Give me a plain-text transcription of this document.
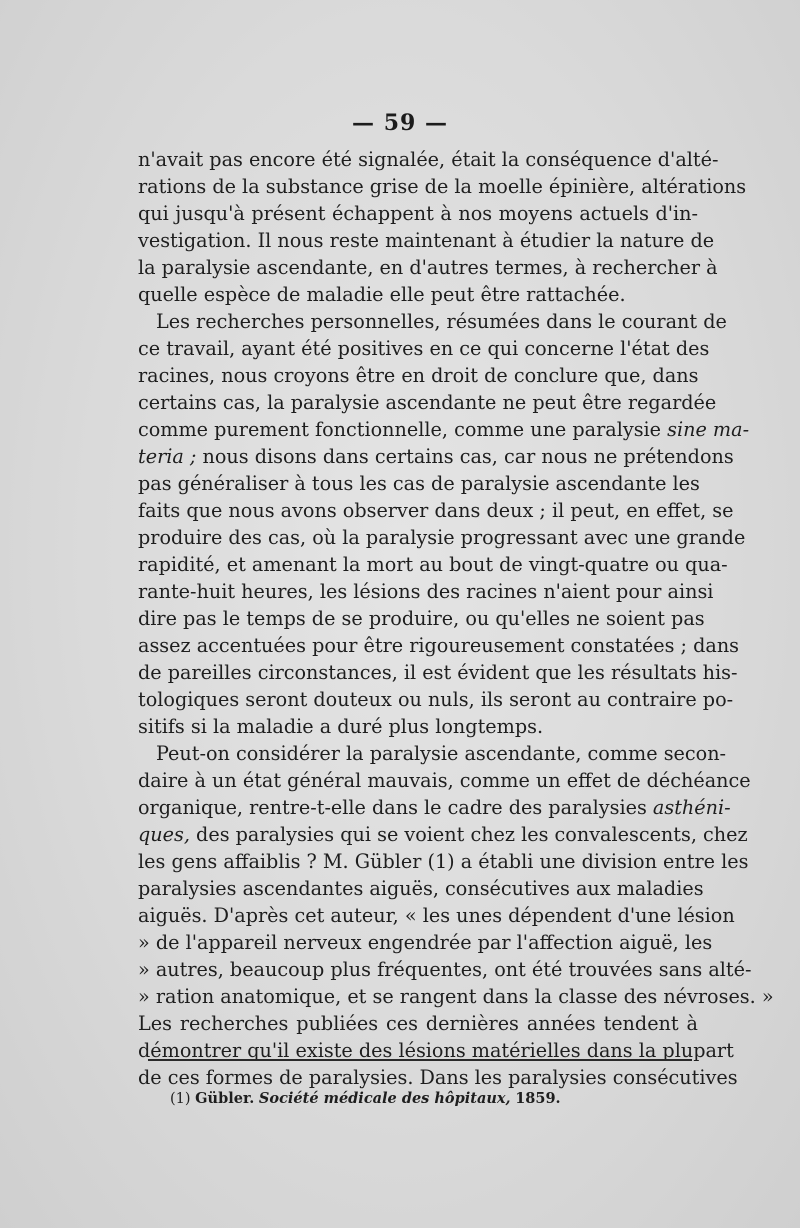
— 59 —
n'avait pas encore été signalée, était la conséquence d'alté-
rations de la substance grise de la moelle épinière, altérations
qui jusqu'à présent échappent à nos moyens actuels d'in-
vestigation. Il nous reste maintenant à étudier la nature de
la paralysie ascendante, en d'autres termes, à rechercher à
quelle espèce de maladie elle peut être rattachée.
Les recherches personnelles, résumées dans le courant de
ce travail, ayant été positives en ce qui concerne l'état des
racines, nous croyons être en droit de conclure que, dans
certains cas, la paralysie ascendante ne peut être regardée
comme purement fonctionnelle, comme une paralysie sine ma-
teria ; nous disons dans certains cas, car nous ne prétendons
pas généraliser à tous les cas de paralysie ascendante les
faits que nous avons observer dans deux ; il peut, en effet, se
produire des cas, où la paralysie progressant avec une grande
rapidité, et amenant la mort au bout de vingt-quatre ou qua-
rante-huit heures, les lésions des racines n'aient pour ainsi
dire pas le temps de se produire, ou qu'elles ne soient pas
assez accentuées pour être rigoureusement constatées ; dans
de pareilles circonstances, il est évident que les résultats his-
tologiques seront douteux ou nuls, ils seront au contraire po-
sitifs si la maladie a duré plus longtemps.
Peut-on considérer la paralysie ascendante, comme secon-
daire à un état général mauvais, comme un effet de déchéance
organique, rentre-t-elle dans le cadre des paralysies asthéni-
ques, des paralysies qui se voient chez les convalescents, chez
les gens affaiblis ? M. Gübler (1) a établi une division entre les
paralysies ascendantes aiguës, consécutives aux maladies
aiguës. D'après cet auteur, « les unes dépendent d'une lésion
» de l'appareil nerveux engendrée par l'affection aiguë, les
» autres, beaucoup plus fréquentes, ont été trouvées sans alté-
» ration anatomique, et se rangent dans la classe des névroses. »
Les recherches publiées ces dernières années tendent à
démontrer qu'il existe des lésions matérielles dans la plupart
de ces formes de paralysies. Dans les paralysies consécutives
(1) Gübler. Société médicale des hôpitaux, 1859.
